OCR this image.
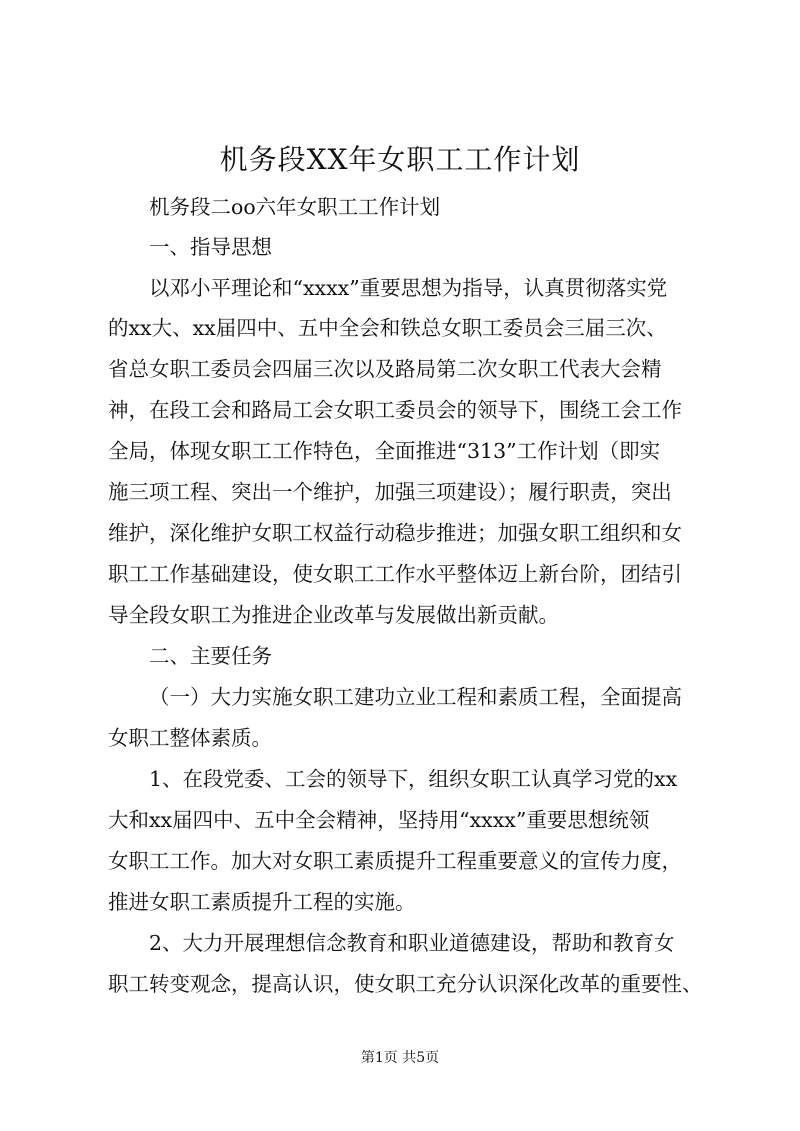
机务段XX年女职工工作计划
机务段二oo六年女职工工作计划
一、指导思想
以邓小平理论和“xxxx”重要思想为指导，认真贯彻落实党
的xx大、xx届四中、五中全会和铁总女职工委员会三届三次、
省总女职工委员会四届三次以及路局第二次女职工代表大会精
神，在段工会和路局工会女职工委员会的领导下，围绕工会工作
全局，体现女职工工作特色，全面推进“313”工作计划（即实
施三项工程、突出一个维护，加强三项建设）；履行职责，突出
维护，深化维护女职工权益行动稳步推进；加强女职工组织和女
职工工作基础建设，使女职工工作水平整体迈上新台阶，团结引
导全段女职工为推进企业改革与发展做出新贡献。
二、主要任务
（一）大力实施女职工建功立业工程和素质工程，全面提高
女职工整体素质。
1、在段党委、工会的领导下，组织女职工认真学习党的xx
大和xx届四中、五中全会精神，坚持用“xxxx”重要思想统领
女职工工作。加大对女职工素质提升工程重要意义的宣传力度，
推进女职工素质提升工程的实施。
2、大力开展理想信念教育和职业道德建设，帮助和教育女
职工转变观念，提高认识，使女职工充分认识深化改革的重要性、
第1页 共5页
